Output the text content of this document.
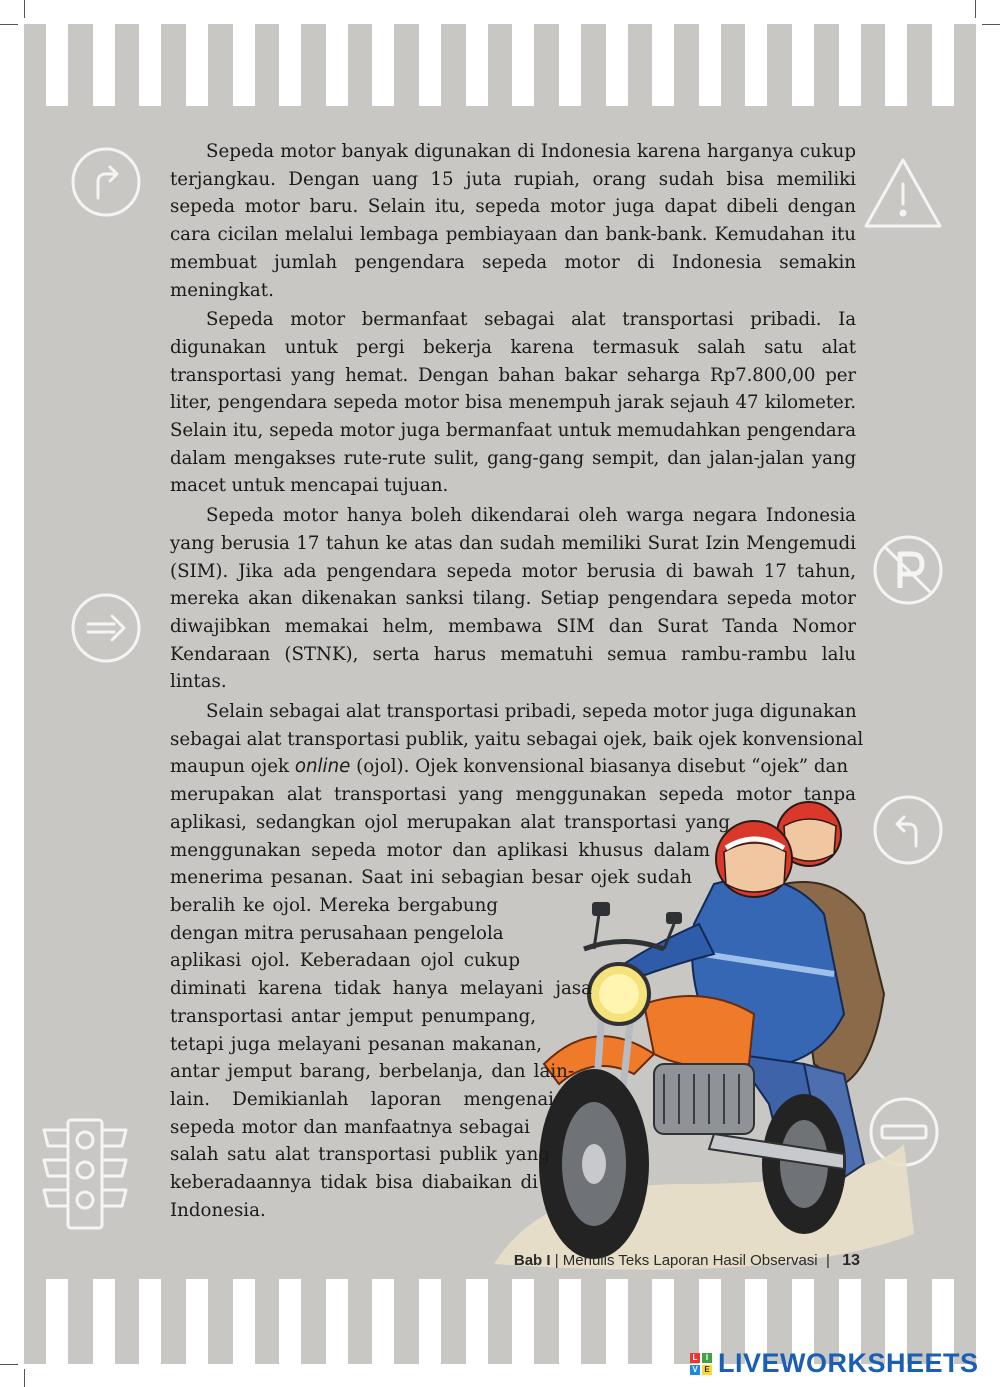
Sepeda motor banyak digunakan di Indonesia karena harganya cukup terjangkau. Dengan uang 15 juta rupiah, orang sudah bisa memiliki sepeda motor baru. Selain itu, sepeda motor juga dapat dibeli dengan cara cicilan melalui lembaga pembiayaan dan bank-bank. Kemudahan itu membuat jumlah pengendara sepeda motor di Indonesia semakin meningkat.

Sepeda motor bermanfaat sebagai alat transportasi pribadi. Ia digunakan untuk pergi bekerja karena termasuk salah satu alat transportasi yang hemat. Dengan bahan bakar seharga Rp7.800,00 per liter, pengendara sepeda motor bisa menempuh jarak sejauh 47 kilometer. Selain itu, sepeda motor juga bermanfaat untuk memudahkan pengendara dalam mengakses rute-rute sulit, gang-gang sempit, dan jalan-jalan yang macet untuk mencapai tujuan.

Sepeda motor hanya boleh dikendarai oleh warga negara Indonesia yang berusia 17 tahun ke atas dan sudah memiliki Surat Izin Mengemudi (SIM). Jika ada pengendara sepeda motor berusia di bawah 17 tahun, mereka akan dikenakan sanksi tilang. Setiap pengendara sepeda motor diwajibkan memakai helm, membawa SIM dan Surat Tanda Nomor Kendaraan (STNK), serta harus mematuhi semua rambu-rambu lalu lintas.

Selain sebagai alat transportasi pribadi, sepeda motor juga digunakan
sebagai alat transportasi publik, yaitu sebagai ojek, baik ojek konvensional
maupun ojek online (ojol). Ojek konvensional biasanya disebut “ojek” dan
merupakan alat transportasi yang menggunakan sepeda motor tanpa
aplikasi, sedangkan ojol merupakan alat transportasi yang
menggunakan sepeda motor dan aplikasi khusus dalam
menerima pesanan. Saat ini sebagian besar ojek sudah
beralih ke ojol. Mereka bergabung
dengan mitra perusahaan pengelola
aplikasi ojol. Keberadaan ojol cukup
diminati karena tidak hanya melayani jasa
transportasi antar jemput penumpang,
tetapi juga melayani pesanan makanan,
antar jemput barang, berbelanja, dan lain-
lain. Demikianlah laporan mengenai
sepeda motor dan manfaatnya sebagai
salah satu alat transportasi publik yang
keberadaannya tidak bisa diabaikan di
Indonesia.
Bab I | Menulis Teks Laporan Hasil Observasi  |  13
L	I
V E LIVEWORKSHEETS
